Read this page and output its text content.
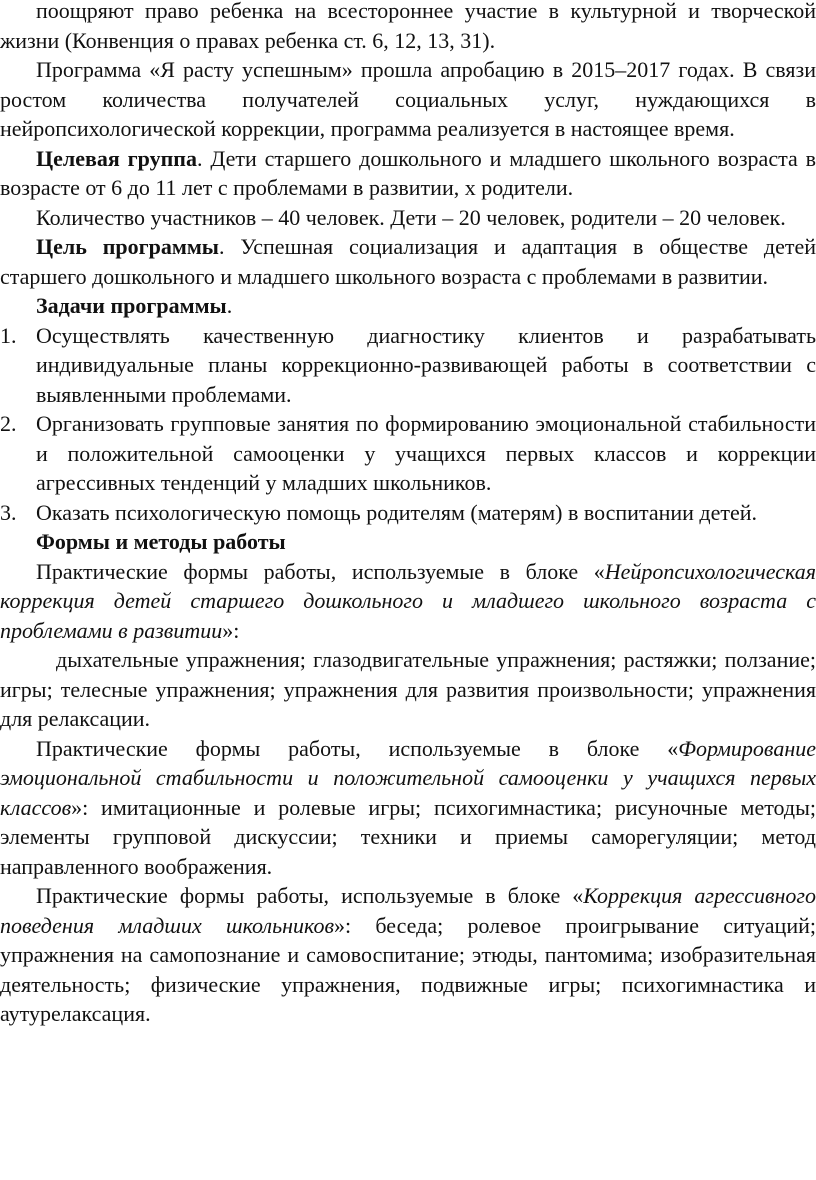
поощряют право ребенка на всестороннее участие в культурной и творческой жизни (Конвенция о правах ребенка ст. 6, 12, 13, 31).

Программа «Я расту успешным» прошла апробацию в 2015–2017 годах. В связи ростом количества получателей социальных услуг, нуждающихся в нейропсихологической коррекции, программа реализуется в настоящее время.

Целевая группа. Дети старшего дошкольного и младшего школьного возраста в возрасте от 6 до 11 лет с проблемами в развитии, х родители.

Количество участников – 40 человек. Дети – 20 человек, родители – 20 человек.

Цель программы. Успешная социализация и адаптация в обществе детей старшего дошкольного и младшего школьного возраста с проблемами в развитии.

Задачи программы.

1. Осуществлять качественную диагностику клиентов и разрабатывать индивидуальные планы коррекционно-развивающей работы в соответствии с выявленными проблемами.
2. Организовать групповые занятия по формированию эмоциональной стабильности и положительной самооценки у учащихся первых классов и коррекции агрессивных тенденций у младших школьников.
3. Оказать психологическую помощь родителям (матерям) в воспитании детей.

Формы и методы работы

Практические формы работы, используемые в блоке «Нейропсихологическая коррекция детей старшего дошкольного и младшего школьного возраста с проблемами в развитии»:

дыхательные упражнения; глазодвигательные упражнения; растяжки; ползание; игры; телесные упражнения; упражнения для развития произвольности; упражнения для релаксации.

Практические формы работы, используемые в блоке «Формирование эмоциональной стабильности и положительной самооценки у учащихся первых классов»: имитационные и ролевые игры; психогимнастика; рисуночные методы; элементы групповой дискуссии; техники и приемы саморегуляции; метод направленного воображения.

Практические формы работы, используемые в блоке «Коррекция агрессивного поведения младших школьников»: беседа; ролевое проигрывание ситуаций; упражнения на самопознание и самовоспитание; этюды, пантомима; изобразительная деятельность; физические упражнения, подвижные игры; психогимнастика и аутурелаксация.
